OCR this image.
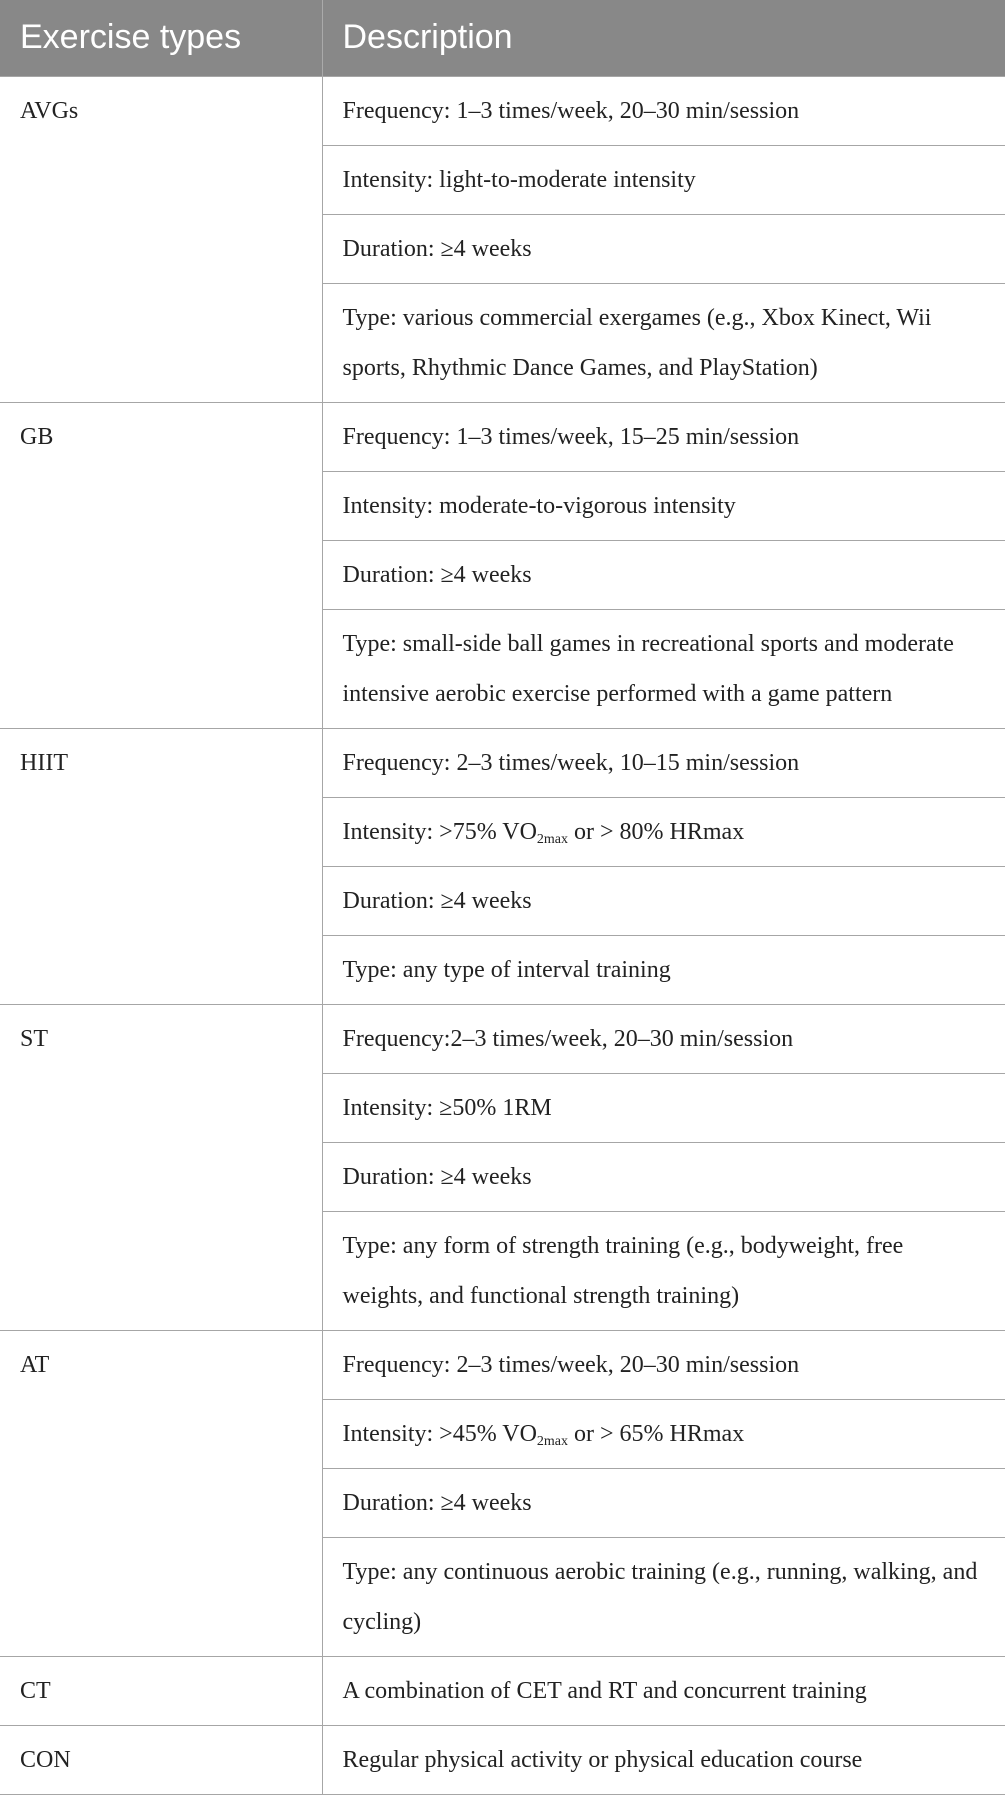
Exercise types	Description
AVGs	Frequency: 1–3 times/week, 20–30 min/session
	Intensity: light-to-moderate intensity
	Duration: ≥4 weeks
	Type: various commercial exergames (e.g., Xbox Kinect, Wii sports, Rhythmic Dance Games, and PlayStation)
GB	Frequency: 1–3 times/week, 15–25 min/session
	Intensity: moderate-to-vigorous intensity
	Duration: ≥4 weeks
	Type: small-side ball games in recreational sports and moderate intensive aerobic exercise performed with a game pattern
HIIT	Frequency: 2–3 times/week, 10–15 min/session
	Intensity: >75% $VO_{2max}$ or > 80% HRmax
	Duration: ≥4 weeks
	Type: any type of interval training
ST	Frequency:2–3 times/week, 20–30 min/session
	Intensity: ≥50% 1RM
	Duration: ≥4 weeks
	Type: any form of strength training (e.g., bodyweight, free weights, and functional strength training)
AT	Frequency: 2–3 times/week, 20–30 min/session
	Intensity: >45% $VO_{2max}$ or > 65% HRmax
	Duration: ≥4 weeks
	Type: any continuous aerobic training (e.g., running, walking, and cycling)
CT	A combination of CET and RT and concurrent training
CON	Regular physical activity or physical education course
